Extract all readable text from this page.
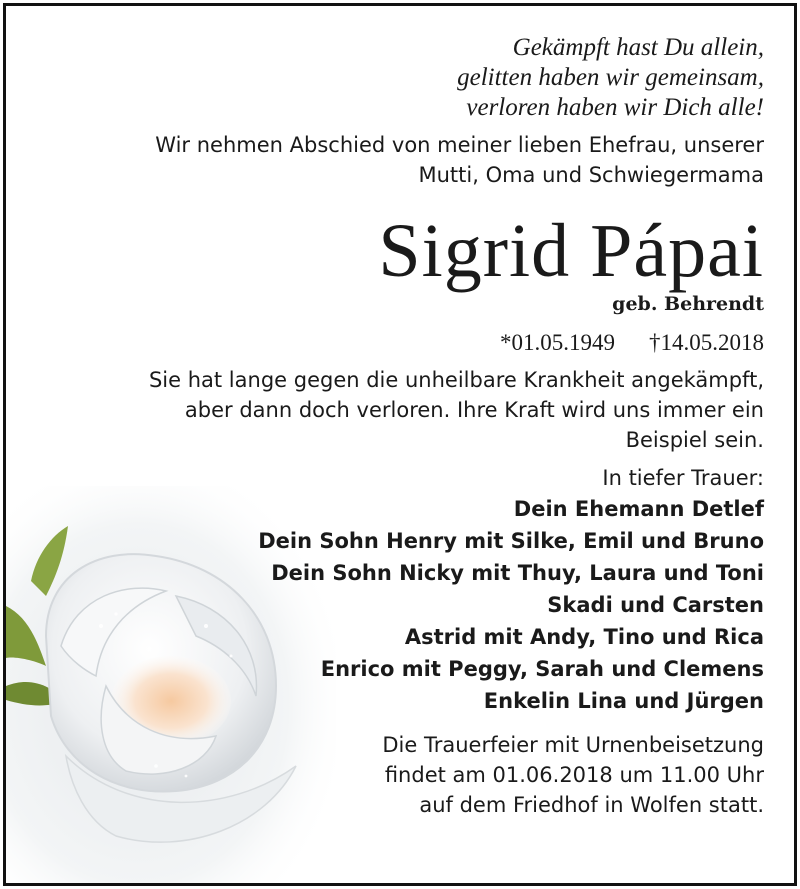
Gekämpft hast Du allein,
gelitten haben wir gemeinsam,
verloren haben wir Dich alle!
Wir nehmen Abschied von meiner lieben Ehefrau, unserer
Mutti, Oma und Schwiegermama
Sigrid Pápai
geb. Behrendt
*01.05.1949 †14.05.2018
Sie hat lange gegen die unheilbare Krankheit angekämpft,
aber dann doch verloren. Ihre Kraft wird uns immer ein
Beispiel sein.
In tiefer Trauer:
Dein Ehemann Detlef
Dein Sohn Henry mit Silke, Emil und Bruno
Dein Sohn Nicky mit Thuy, Laura und Toni
Skadi und Carsten
Astrid mit Andy, Tino und Rica
Enrico mit Peggy, Sarah und Clemens
Enkelin Lina und Jürgen
Die Trauerfeier mit Urnenbeisetzung
findet am 01.06.2018 um 11.00 Uhr
auf dem Friedhof in Wolfen statt.
